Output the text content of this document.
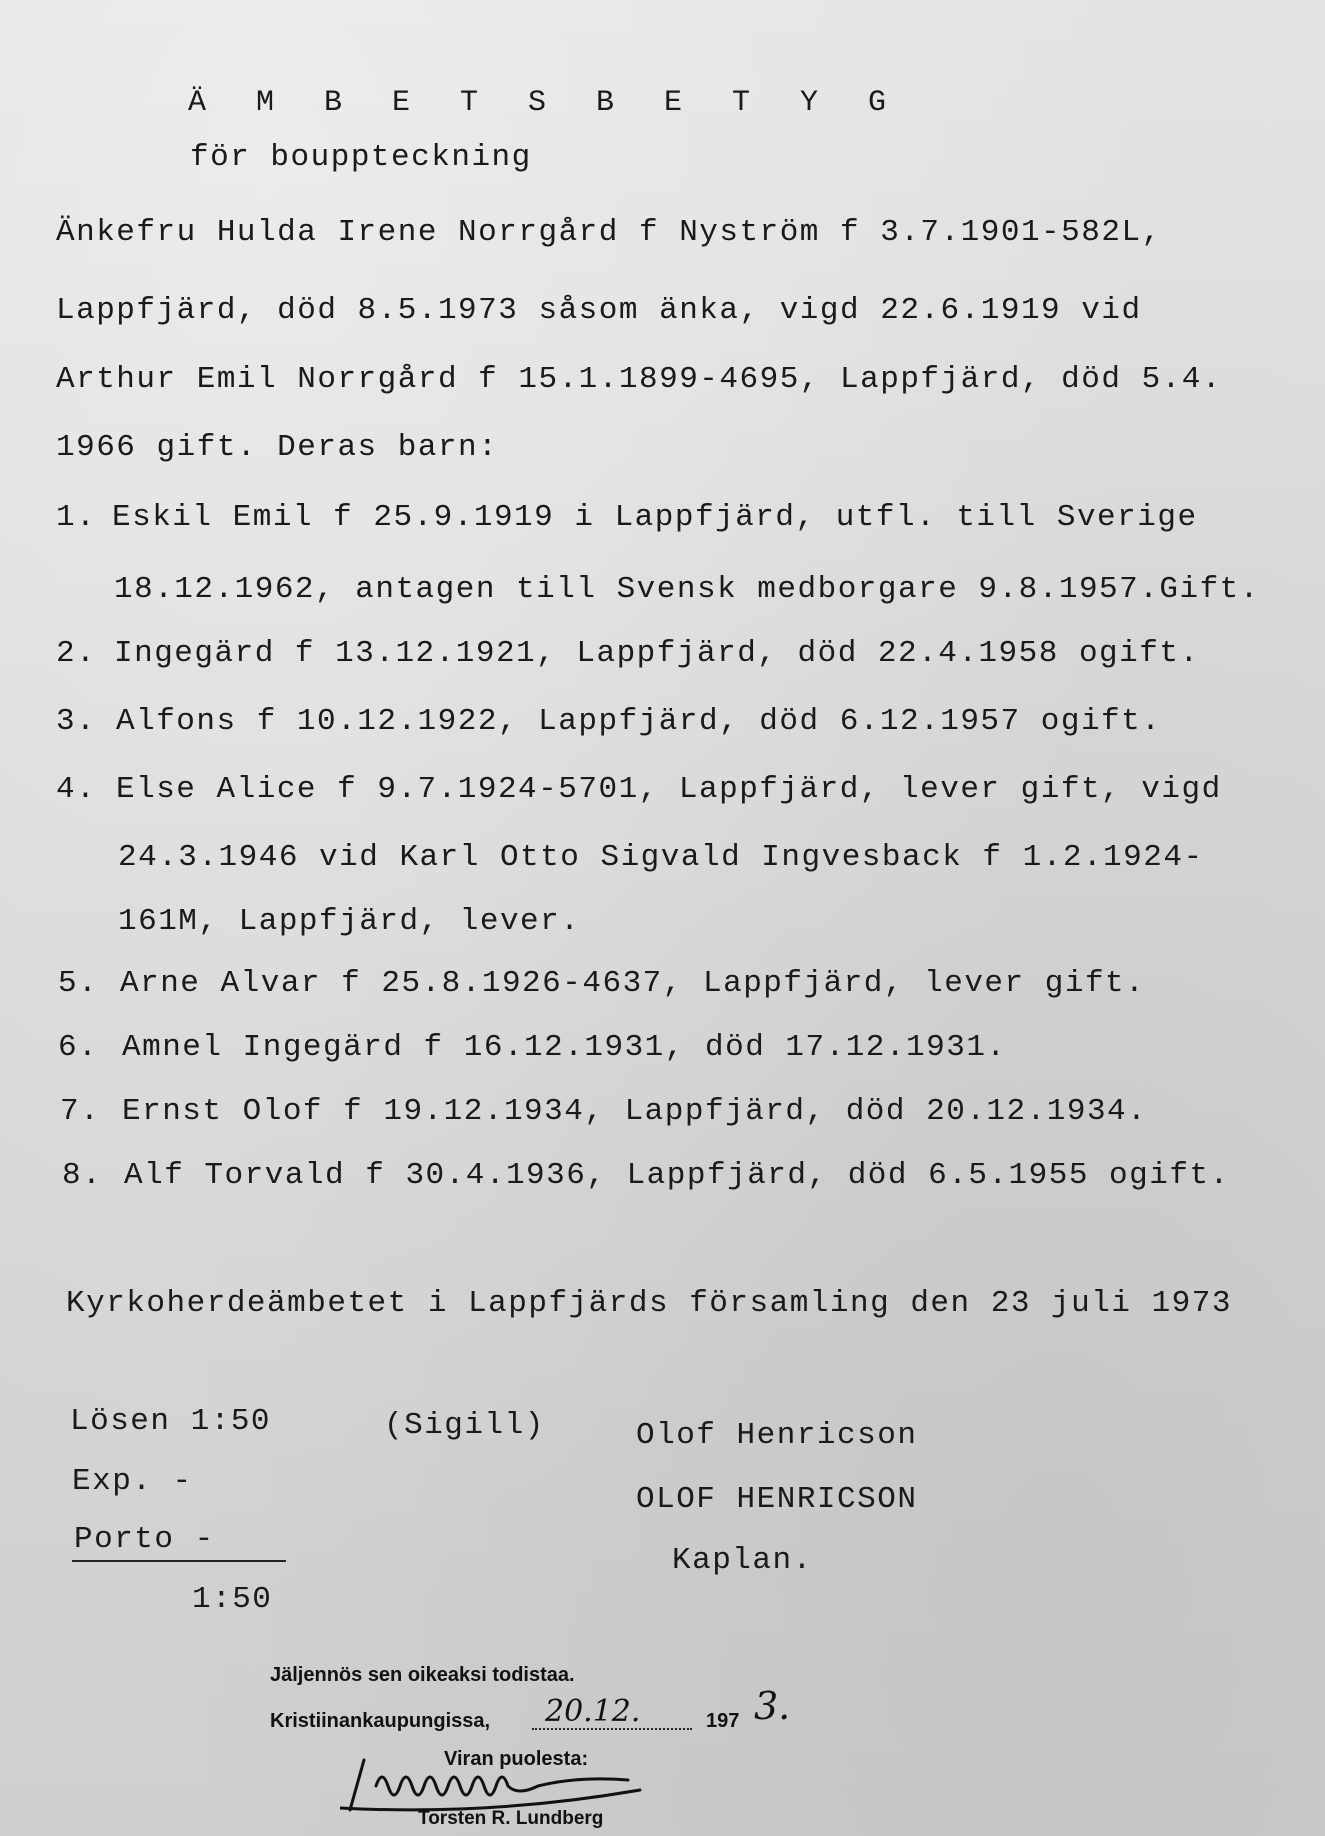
Ä M B E T S B E T Y G
för bouppteckning
Änkefru Hulda Irene Norrgård f Nyström f 3.7.1901-582L,
Lappfjärd, död 8.5.1973 såsom änka, vigd 22.6.1919 vid
Arthur Emil Norrgård f 15.1.1899-4695, Lappfjärd, död 5.4.
1966 gift. Deras barn:
1. Eskil Emil f 25.9.1919 i Lappfjärd, utfl. till Sverige
18.12.1962, antagen till Svensk medborgare 9.8.1957.Gift.
2. Ingegärd f 13.12.1921, Lappfjärd, död 22.4.1958 ogift.
3. Alfons f 10.12.1922, Lappfjärd, död 6.12.1957 ogift.
4. Else Alice f 9.7.1924-5701, Lappfjärd, lever gift, vigd
24.3.1946 vid Karl Otto Sigvald Ingvesback f 1.2.1924-
161M, Lappfjärd, lever.
5. Arne Alvar f 25.8.1926-4637, Lappfjärd, lever gift.
6. Amnel Ingegärd f 16.12.1931, död 17.12.1931.
7. Ernst Olof f 19.12.1934, Lappfjärd, död 20.12.1934.
8. Alf Torvald f 30.4.1936, Lappfjärd, död 6.5.1955 ogift.
Kyrkoherdeämbetet i Lappfjärds församling den 23 juli 1973
Lösen 1:50
Exp. -
Porto -
1:50
(Sigill)	Olof Henricson
OLOF HENRICSON
Kaplan.
Jäljennös sen oikeaksi todistaa.
Kristiinankaupungissa, 20.12.	197 3.
Viran puolesta:
Torsten R. Lundberg
